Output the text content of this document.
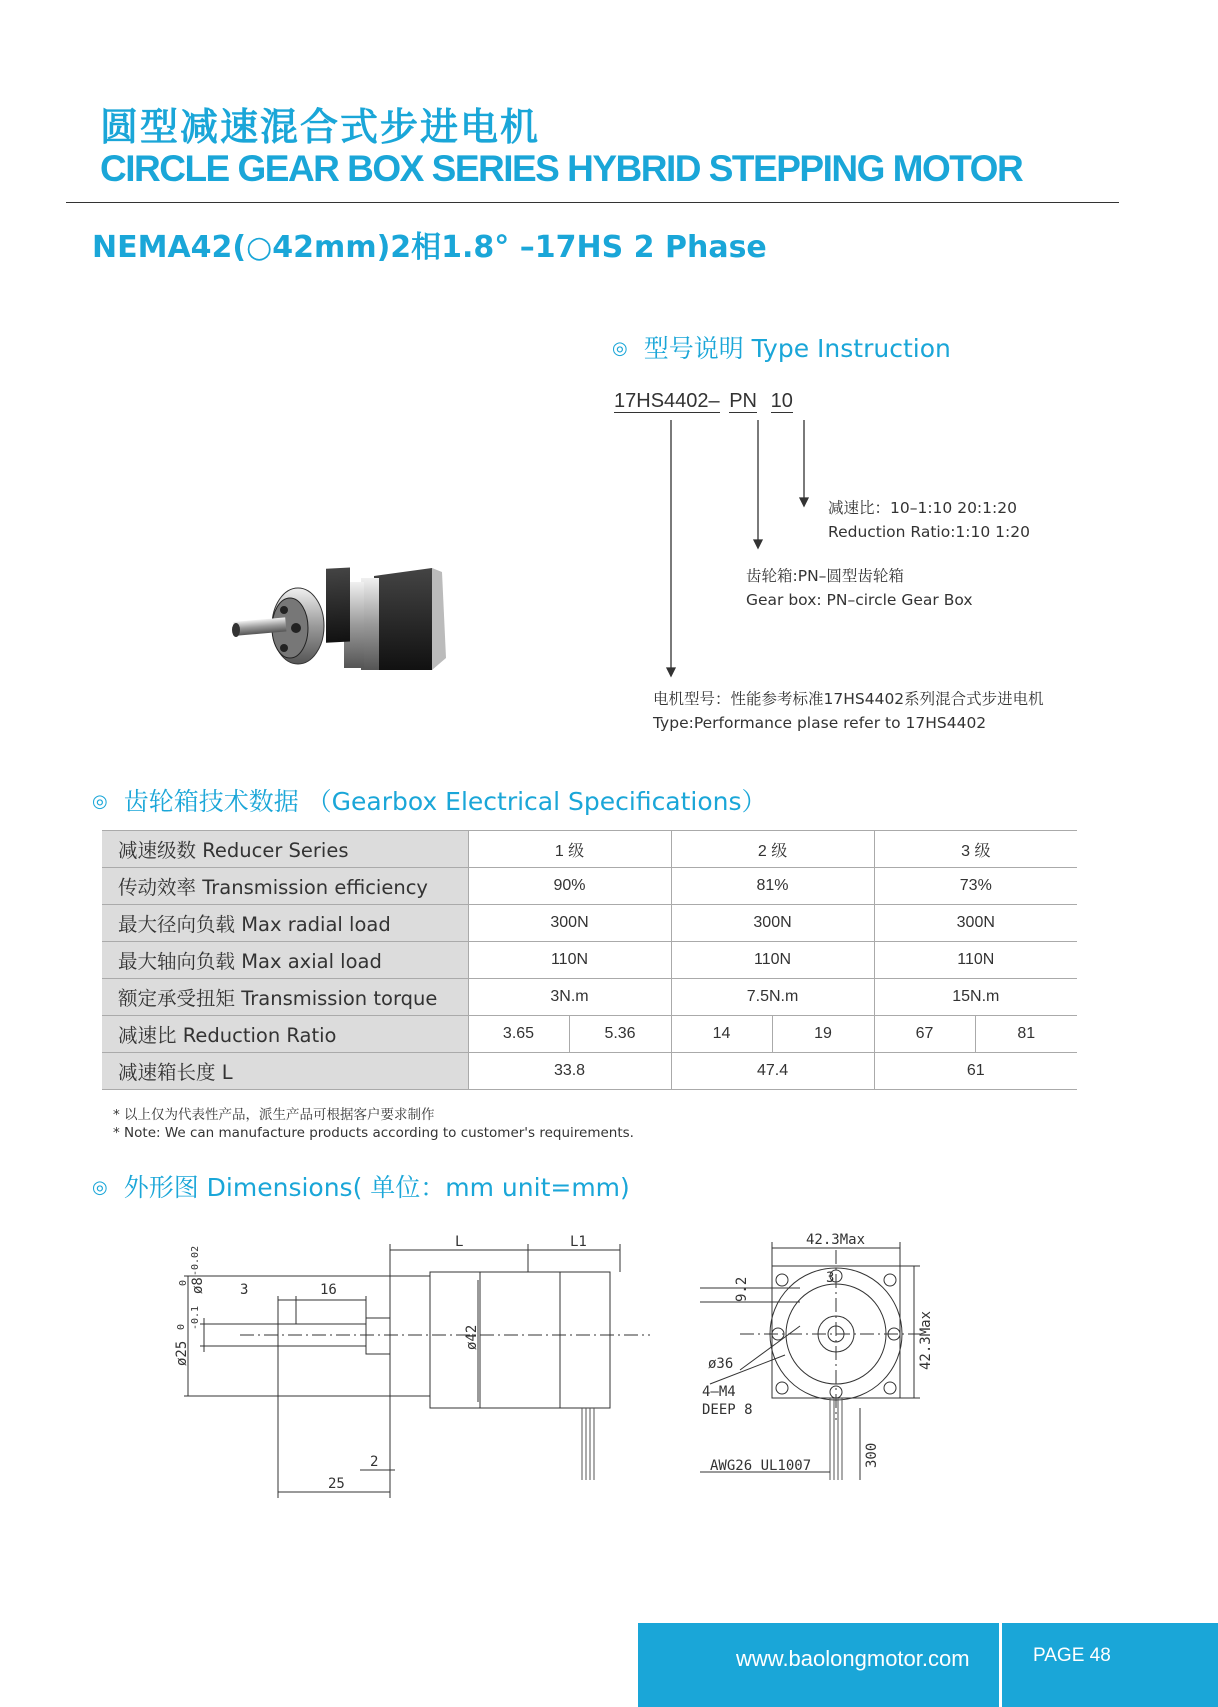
圆型减速混合式步进电机
CIRCLE GEAR BOX SERIES HYBRID STEPPING MOTOR
NEMA42(○42mm)2相1.8° –17HS 2 Phase
◎ 型号说明 Type Instruction
17HS4402– PN 10
减速比：10–1:10 20:1:20
Reduction Ratio:1:10 1:20
齿轮箱:PN–圆型齿轮箱
Gear box: PN–circle Gear Box
电机型号：性能参考标准17HS4402系列混合式步进电机
Type:Performance plase refer to 17HS4402
◎ 齿轮箱技术数据 （Gearbox Electrical Specifications）
减速级数 Reducer Series	1 级		2 级		3 级	
传动效率 Transmission efficiency	90%		81%		73%	
最大径向负载 Max radial load	300N		300N		300N	
最大轴向负载 Max axial load	110N		110N		110N	
额定承受扭矩 Transmission torque	3N.m		7.5N.m		15N.m	
减速比 Reduction Ratio	3.65	5.36	14	19	67	81
减速箱长度 L	33.8		47.4		61	
* 以上仅为代表性产品，派生产品可根据客户要求制作
* Note: We can manufacture products according to customer's requirements.
◎ 外形图 Dimensions( 单位：mm unit=mm)
L	L1
3	16
2
25
ø8
0
-0.02
ø25
-0.1
0	ø42
42.3Max
42.3Max
3
9.2
ø36
4–M4
DEEP 8
AWG26 UL1007	300
www.baolongmotor.com	PAGE 48
